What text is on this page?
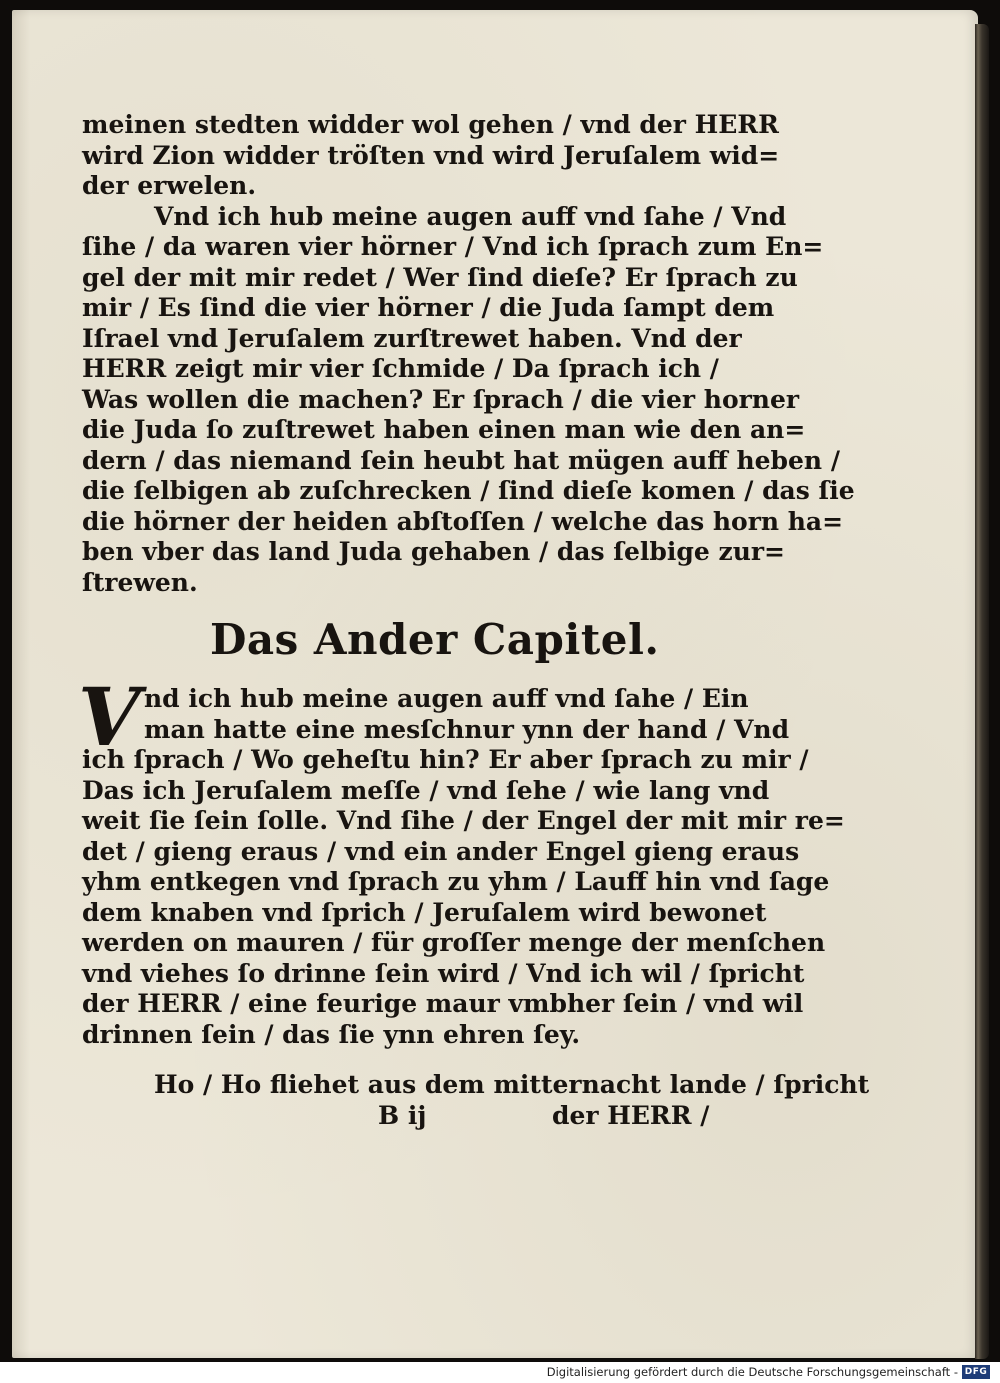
meinen stedten widder wol gehen / vnd der HERR
wird Zion widder tröſten vnd wird Jeruſalem wid=
der erwelen.
Vnd ich hub meine augen auff vnd ſahe / Vnd
ſihe / da waren vier hörner / Vnd ich ſprach zum En=
gel der mit mir redet / Wer ſind dieſe? Er ſprach zu
mir / Es ſind die vier hörner / die Juda ſampt dem
Iſrael vnd Jeruſalem zurſtrewet haben. Vnd der
HERR zeigt mir vier ſchmide / Da ſprach ich /
Was wollen die machen? Er ſprach / die vier horner
die Juda ſo zuſtrewet haben einen man wie den an=
dern / das niemand ſein heubt hat mügen auff heben /
die ſelbigen ab zuſchrecken / ſind dieſe komen / das ſie
die hörner der heiden abſtoſſen / welche das horn ha=
ben vber das land Juda gehaben / das ſelbige zur=
ſtrewen.
Das Ander Capitel.
V nd ich hub meine augen auff vnd ſahe / Ein
man hatte eine mesſchnur ynn der hand / Vnd
ich ſprach / Wo geheſtu hin? Er aber ſprach zu mir /
Das ich Jeruſalem meſſe / vnd ſehe / wie lang vnd
weit ſie ſein ſolle. Vnd ſihe / der Engel der mit mir re=
det / gieng eraus / vnd ein ander Engel gieng eraus
yhm entkegen vnd ſprach zu yhm / Lauff hin vnd ſage
dem knaben vnd ſprich / Jeruſalem wird bewonet
werden on mauren / für groſſer menge der menſchen
vnd viehes ſo drinne ſein wird / Vnd ich wil / ſpricht
der HERR / eine feurige maur vmbher ſein / vnd wil
drinnen ſein / das ſie ynn ehren ſey.
Ho / Ho fliehet aus dem mitternacht lande / ſpricht
B ij	der HERR /
Digitalisierung gefördert durch die Deutsche Forschungsgemeinschaft - DFG
